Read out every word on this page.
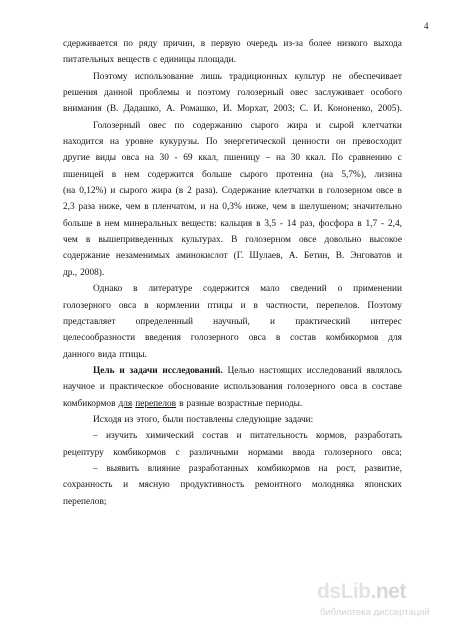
4
сдерживается по ряду причин, в первую очередь из-за более низкого выхода
питательных веществ с единицы площади.
Поэтому использование лишь традиционных культур не обеспечивает
решения данной проблемы и поэтому голозерный овес заслуживает особого
внимания (В. Дадашко, А. Ромашко, И. Морхат, 2003; С. И. Кононенко, 2005).
Голозерный овес по содержанию сырого жира и сырой клетчатки
находится на уровне кукурузы. По энергетической ценности он превосходит
другие виды овса на 30 - 69 ккал, пшеницу – на 30 ккал. По сравнению с
пшеницей в нем содержится больше сырого протеина (на 5,7%), лизина
(на 0,12%) и сырого жира (в 2 раза). Содержание клетчатки в голозерном овсе в
2,3 раза ниже, чем в пленчатом, и на 0,3% ниже, чем в шелушеном; значительно
больше в нем минеральных веществ: кальция в 3,5 - 14 раз, фосфора в 1,7 - 2,4,
чем в вышеприведенных культурах. В голозерном овсе довольно высокое
содержание незаменимых аминокислот (Г. Шулаев, А. Бетин, В. Энговатов и
др., 2008).
Однако в литературе содержится мало сведений о применении
голозерного овса в кормлении птицы и в частности, перепелов. Поэтому
представляет определенный научный, и практический интерес
целесообразности введения голозерного овса в состав комбикормов для
данного вида птицы.
Цель и задачи исследований. Целью настоящих исследований являлось
научное и практическое обоснование использования голозерного овса в составе
комбикормов для перепелов в разные возрастные периоды.
Исходя из этого, были поставлены следующие задачи:
– изучить химический состав и питательность кормов, разработать
рецептуру комбикормов с различными нормами ввода голозерного овса;
– выявить влияние разработанных комбикормов на рост, развитие,
сохранность и мясную продуктивность ремонтного молодняка японских
перепелов;
dsLib.net
библиотека диссертаций
